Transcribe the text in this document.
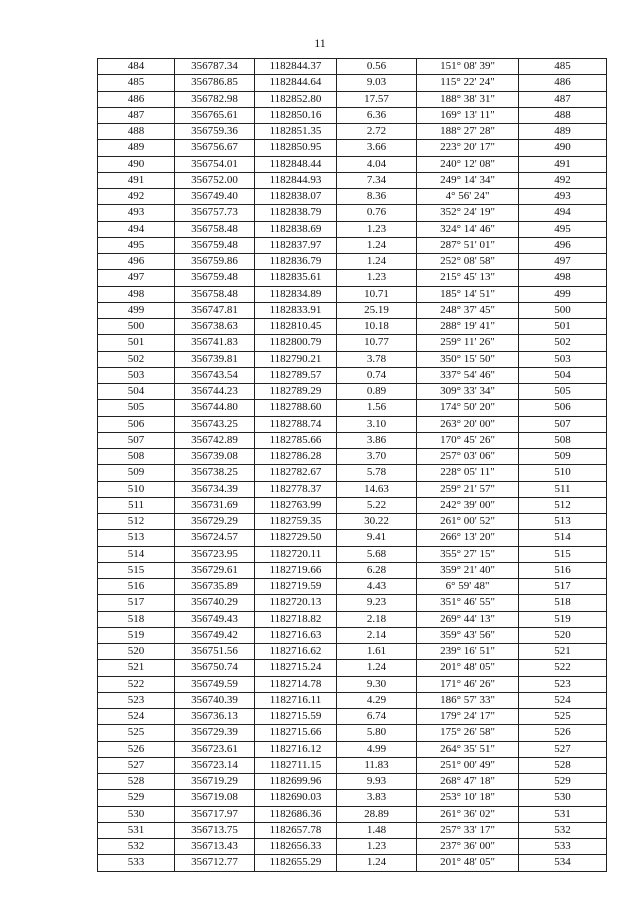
11
484	356787.34	1182844.37	0.56	151° 08' 39"	485
485	356786.85	1182844.64	9.03	115° 22' 24"	486
486	356782.98	1182852.80	17.57	188° 38' 31"	487
487	356765.61	1182850.16	6.36	169° 13' 11"	488
488	356759.36	1182851.35	2.72	188° 27' 28"	489
489	356756.67	1182850.95	3.66	223° 20' 17"	490
490	356754.01	1182848.44	4.04	240° 12' 08"	491
491	356752.00	1182844.93	7.34	249° 14' 34"	492
492	356749.40	1182838.07	8.36	4° 56' 24"	493
493	356757.73	1182838.79	0.76	352° 24' 19"	494
494	356758.48	1182838.69	1.23	324° 14' 46"	495
495	356759.48	1182837.97	1.24	287° 51' 01"	496
496	356759.86	1182836.79	1.24	252° 08' 58"	497
497	356759.48	1182835.61	1.23	215° 45' 13"	498
498	356758.48	1182834.89	10.71	185° 14' 51"	499
499	356747.81	1182833.91	25.19	248° 37' 45"	500
500	356738.63	1182810.45	10.18	288° 19' 41"	501
501	356741.83	1182800.79	10.77	259° 11' 26"	502
502	356739.81	1182790.21	3.78	350° 15' 50"	503
503	356743.54	1182789.57	0.74	337° 54' 46"	504
504	356744.23	1182789.29	0.89	309° 33' 34"	505
505	356744.80	1182788.60	1.56	174° 50' 20"	506
506	356743.25	1182788.74	3.10	263° 20' 00"	507
507	356742.89	1182785.66	3.86	170° 45' 26"	508
508	356739.08	1182786.28	3.70	257° 03' 06"	509
509	356738.25	1182782.67	5.78	228° 05' 11"	510
510	356734.39	1182778.37	14.63	259° 21' 57"	511
511	356731.69	1182763.99	5.22	242° 39' 00"	512
512	356729.29	1182759.35	30.22	261° 00' 52"	513
513	356724.57	1182729.50	9.41	266° 13' 20"	514
514	356723.95	1182720.11	5.68	355° 27' 15"	515
515	356729.61	1182719.66	6.28	359° 21' 40"	516
516	356735.89	1182719.59	4.43	6° 59' 48"	517
517	356740.29	1182720.13	9.23	351° 46' 55"	518
518	356749.43	1182718.82	2.18	269° 44' 13"	519
519	356749.42	1182716.63	2.14	359° 43' 56"	520
520	356751.56	1182716.62	1.61	239° 16' 51"	521
521	356750.74	1182715.24	1.24	201° 48' 05"	522
522	356749.59	1182714.78	9.30	171° 46' 26"	523
523	356740.39	1182716.11	4.29	186° 57' 33"	524
524	356736.13	1182715.59	6.74	179° 24' 17"	525
525	356729.39	1182715.66	5.80	175° 26' 58"	526
526	356723.61	1182716.12	4.99	264° 35' 51"	527
527	356723.14	1182711.15	11.83	251° 00' 49"	528
528	356719.29	1182699.96	9.93	268° 47' 18"	529
529	356719.08	1182690.03	3.83	253° 10' 18"	530
530	356717.97	1182686.36	28.89	261° 36' 02"	531
531	356713.75	1182657.78	1.48	257° 33' 17"	532
532	356713.43	1182656.33	1.23	237° 36' 00"	533
533	356712.77	1182655.29	1.24	201° 48' 05"	534
